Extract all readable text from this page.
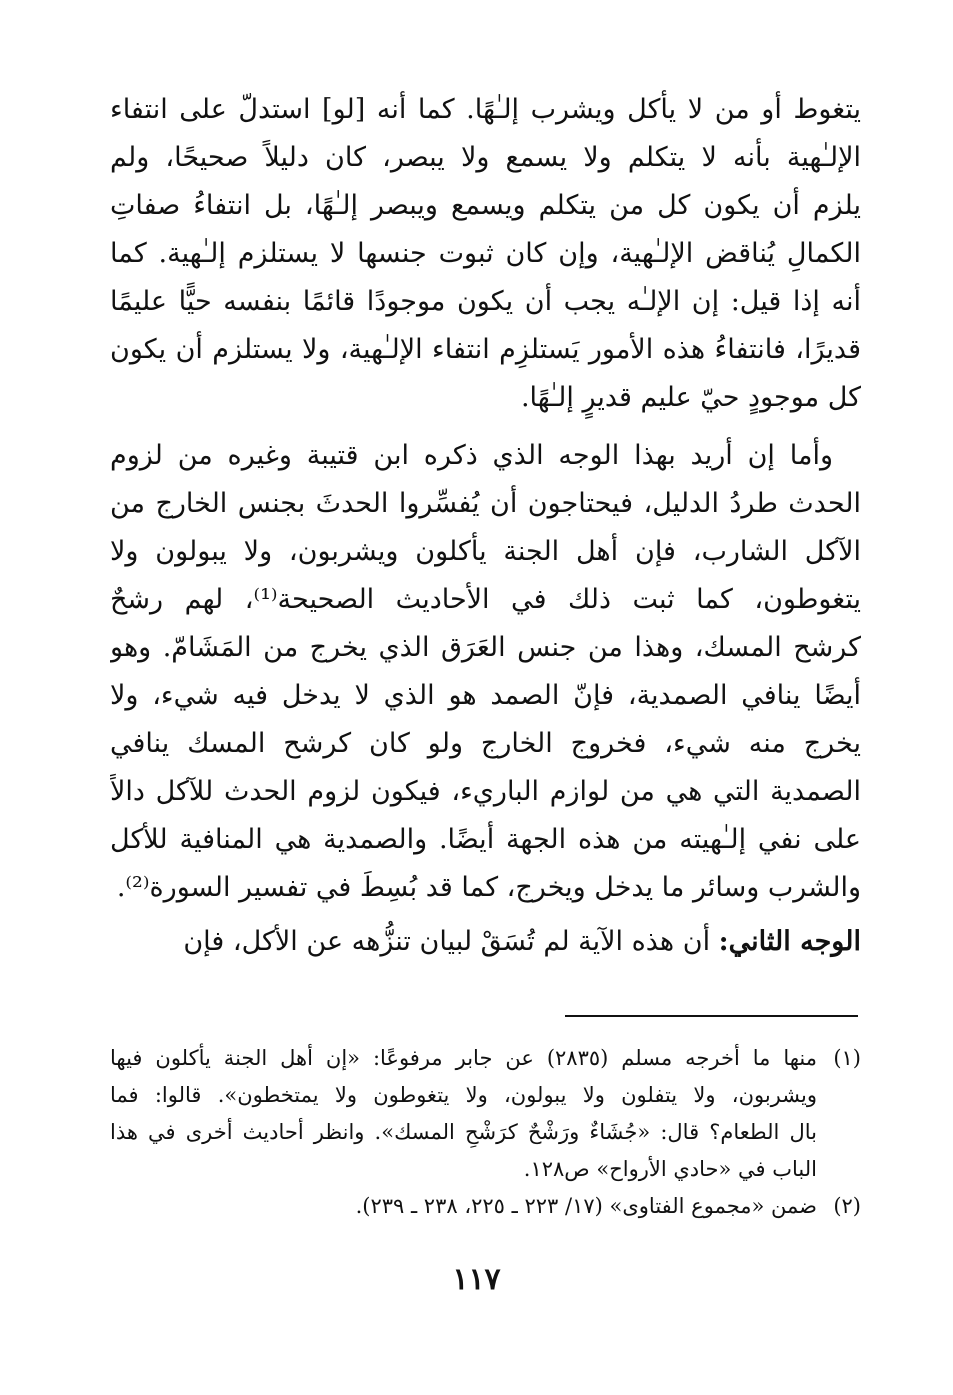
يتغوط أو من لا يأكل ويشرب إلـٰهًا. كما أنه [لو] استدلّ على انتفاء
الإلـٰهية بأنه لا يتكلم ولا يسمع ولا يبصر، كان دليلاً صحيحًا، ولم
يلزم أن يكون كل من يتكلم ويسمع ويبصر إلـٰهًا، بل انتفاءُ صفاتِ
الكمالِ يُناقض الإلـٰهية، وإن كان ثبوت جنسها لا يستلزم إلـٰهية. كما
أنه إذا قيل: إن الإلـٰه يجب أن يكون موجودًا قائمًا بنفسه حيًّا عليمًا
قديرًا، فانتفاءُ هذه الأمور يَستلزِم انتفاء الإلـٰهية، ولا يستلزم أن يكون
كل موجودٍ حيّ عليم قديرٍ إلـٰهًا.

وأما إن أريد بهذا الوجه الذي ذكره ابن قتيبة وغيره من لزوم
الحدث طردُ الدليل، فيحتاجون أن يُفسِّروا الحدثَ بجنس الخارج من
الآكل الشارب، فإن أهل الجنة يأكلون ويشربون، ولا يبولون ولا
يتغوطون، كما ثبت ذلك في الأحاديث الصحيحة⁽¹⁾، لهم رشحٌ
كرشح المسك، وهذا من جنس العَرَق الذي يخرج من المَشَامّ. وهو
أيضًا ينافي الصمدية، فإنّ الصمد هو الذي لا يدخل فيه شيء، ولا
يخرج منه شيء، فخروج الخارج ولو كان كرشح المسك ينافي
الصمدية التي هي من لوازم الباريء، فيكون لزوم الحدث للآكل دالاً
على نفي إلـٰهيته من هذه الجهة أيضًا. والصمدية هي المنافية للأكل
والشرب وسائر ما يدخل ويخرج، كما قد بُسِطَ في تفسير السورة⁽²⁾.

الوجه الثاني: أن هذه الآية لم تُسَقْ لبيان تنزُّهه عن الأكل، فإن

(١)منها ما أخرجه مسلم (٢٨٣٥) عن جابر مرفوعًا: «إن أهل الجنة يأكلون فيها
ويشربون، ولا يتفلون ولا يبولون، ولا يتغوطون ولا يمتخطون». قالوا: فما
بال الطعام؟ قال: «جُشَاءٌ ورَشْحٌ كرَشْحِ المسك». وانظر أحاديث أخرى في هذا
الباب في «حادي الأرواح» ص١٢٨.
(٢)ضمن «مجموع الفتاوى» (١٧/ ٢٢٣ ـ ٢٢٥، ٢٣٨ ـ ٢٣٩).
١١٧
